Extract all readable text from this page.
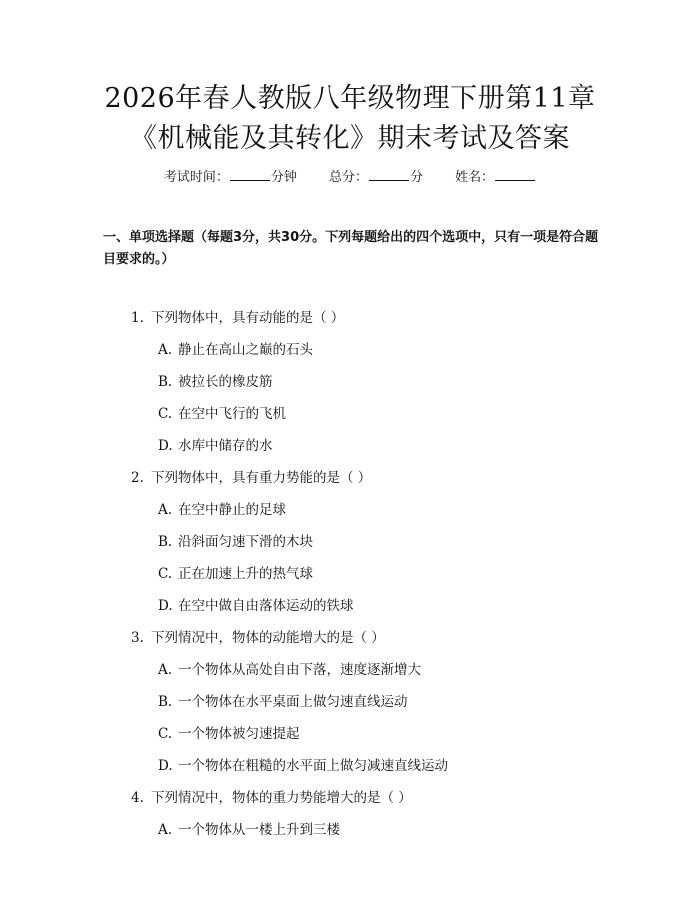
2026年春人教版八年级物理下册第11章
《机械能及其转化》期末考试及答案
考试时间：	分钟 总分：	分 姓名：
一、单项选择题（每题3分，共30分。下列每题给出的四个选项中，只有一项是符合题目要求的。）
1. 下列物体中，具有动能的是（ ）
A. 静止在高山之巅的石头
B. 被拉长的橡皮筋
C. 在空中飞行的飞机
D. 水库中储存的水
2. 下列物体中，具有重力势能的是（ ）
A. 在空中静止的足球
B. 沿斜面匀速下滑的木块
C. 正在加速上升的热气球
D. 在空中做自由落体运动的铁球
3. 下列情况中，物体的动能增大的是（ ）
A. 一个物体从高处自由下落，速度逐渐增大
B. 一个物体在水平桌面上做匀速直线运动
C. 一个物体被匀速提起
D. 一个物体在粗糙的水平面上做匀减速直线运动
4. 下列情况中，物体的重力势能增大的是（ ）
A. 一个物体从一楼上升到三楼
